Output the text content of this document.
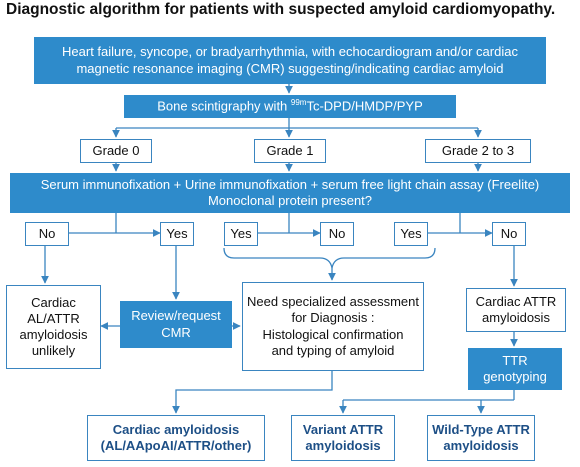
Diagnostic algorithm for patients with suspected amyloid cardiomyopathy.
Heart failure, syncope, or bradyarrhythmia, with echocardiogram and/or cardiac
magnetic resonance imaging (CMR) suggesting/indicating cardiac amyloid
Bone scintigraphy with $^{99m}$Tc-DPD/HMDP/PYP
Grade 0	Grade 1	Grade 2 to 3
Serum immunofixation + Urine immunofixation + serum free light chain assay (Freelite)
Monoclonal protein present?
No	Yes	Yes	No	Yes	No
Cardiac
AL/ATTR
amyloidosis
unlikely
Review/request
CMR
Need specialized assessment
for Diagnosis :
Histological confirmation
and typing of amyloid
Cardiac ATTR
amyloidosis
TTR
genotyping
Cardiac amyloidosis
(AL/AApoAI/ATTR/other)
Variant ATTR
amyloidosis
Wild-Type ATTR
amyloidosis
